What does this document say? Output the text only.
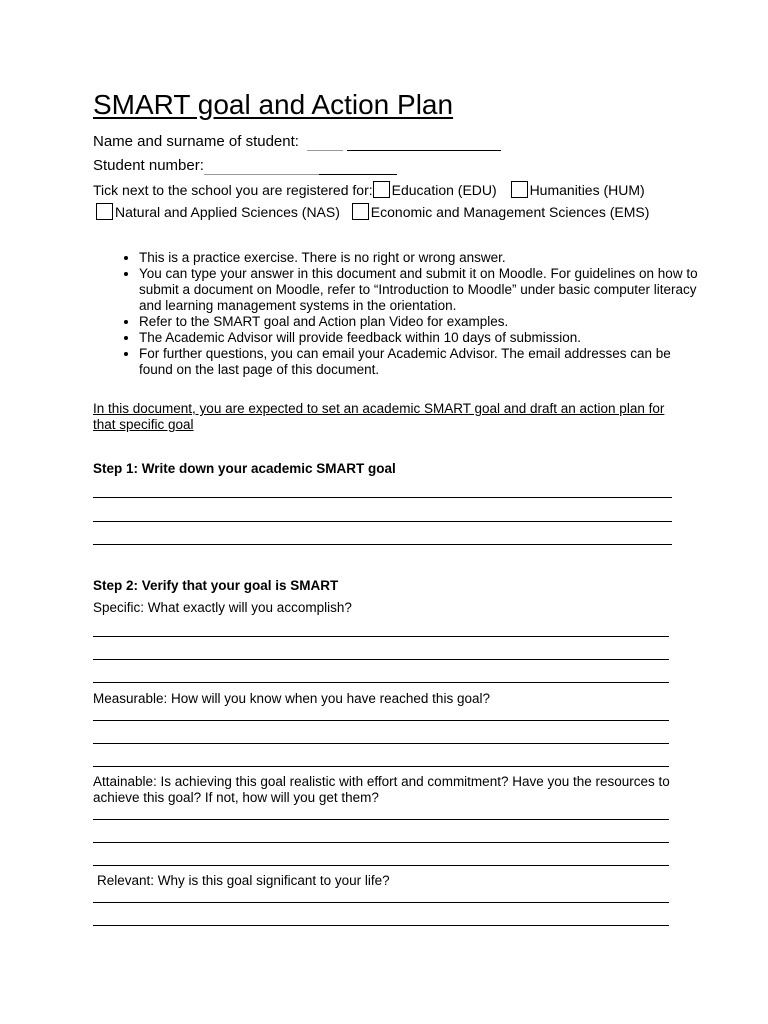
SMART goal and Action Plan
Name and surname of student:
Student number:
Tick next to the school you are registered for: Education (EDU) Humanities (HUM)
Natural and Applied Sciences (NAS) Economic and Management Sciences (EMS)
• This is a practice exercise. There is no right or wrong answer.
• You can type your answer in this document and submit it on Moodle. For guidelines on how to submit a document on Moodle, refer to “Introduction to Moodle” under basic computer literacy and learning management systems in the orientation.
• Refer to the SMART goal and Action plan Video for examples.
• The Academic Advisor will provide feedback within 10 days of submission.
• For further questions, you can email your Academic Advisor. The email addresses can be found on the last page of this document.
In this document, you are expected to set an academic SMART goal and draft an action plan for that specific goal
Step 1: Write down your academic SMART goal
Step 2: Verify that your goal is SMART
Specific: What exactly will you accomplish?
Measurable: How will you know when you have reached this goal?
Attainable: Is achieving this goal realistic with effort and commitment? Have you the resources to achieve this goal? If not, how will you get them?
Relevant: Why is this goal significant to your life?
